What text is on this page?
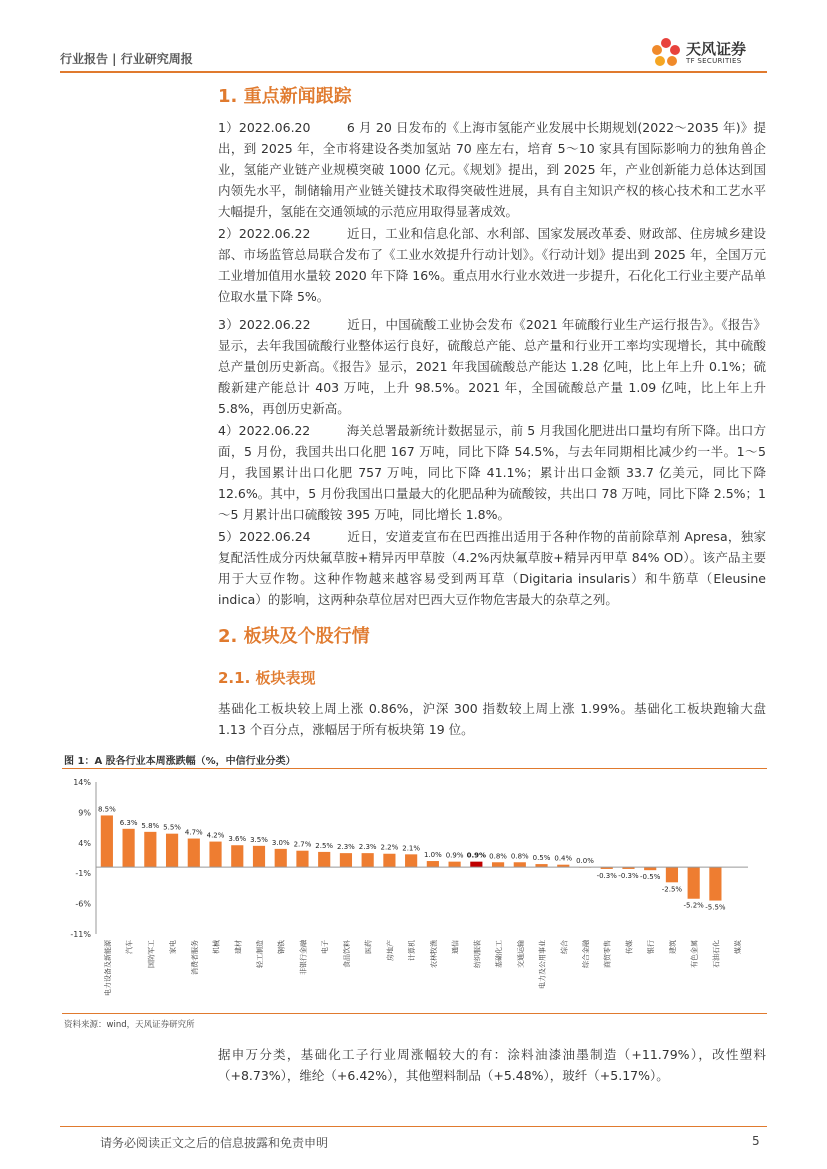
行业报告 | 行业研究周报
天风证券
TF SECURITIES
1. 重点新闻跟踪
1）2022.06.20	6 月 20 日发布的《上海市氢能产业发展中长期规划(2022～2035 年)》提出，到 2025 年，全市将建设各类加氢站 70 座左右，培育 5～10 家具有国际影响力的独角兽企业，氢能产业链产业规模突破 1000 亿元。《规划》提出，到 2025 年，产业创新能力总体达到国内领先水平，制储输用产业链关键技术取得突破性进展，具有自主知识产权的核心技术和工艺水平大幅提升，氢能在交通领域的示范应用取得显著成效。
2）2022.06.22	近日，工业和信息化部、水利部、国家发展改革委、财政部、住房城乡建设部、市场监管总局联合发布了《工业水效提升行动计划》。《行动计划》提出到 2025 年，全国万元工业增加值用水量较 2020 年下降 16%。重点用水行业水效进一步提升，石化化工行业主要产品单位取水量下降 5%。
3）2022.06.22	近日，中国硫酸工业协会发布《2021 年硫酸行业生产运行报告》。《报告》显示，去年我国硫酸行业整体运行良好，硫酸总产能、总产量和行业开工率均实现增长，其中硫酸总产量创历史新高。《报告》显示，2021 年我国硫酸总产能达 1.28 亿吨，比上年上升 0.1%；硫酸新建产能总计 403 万吨，上升 98.5%。2021 年，全国硫酸总产量 1.09 亿吨，比上年上升 5.8%，再创历史新高。
4）2022.06.22	海关总署最新统计数据显示，前 5 月我国化肥进出口量均有所下降。出口方面，5 月份，我国共出口化肥 167 万吨，同比下降 54.5%，与去年同期相比减少约一半。1～5 月，我国累计出口化肥 757 万吨，同比下降 41.1%；累计出口金额 33.7 亿美元，同比下降 12.6%。其中，5 月份我国出口量最大的化肥品种为硫酸铵，共出口 78 万吨，同比下降 2.5%；1～5 月累计出口硫酸铵 395 万吨，同比增长 1.8%。
5）2022.06.24	近日，安道麦宣布在巴西推出适用于各种作物的苗前除草剂 Apresa，独家复配活性成分丙炔氟草胺+精异丙甲草胺（4.2%丙炔氟草胺+精异丙甲草 84% OD）。该产品主要用于大豆作物。这种作物越来越容易受到两耳草（Digitaria insularis）和牛筋草（Eleusine indica）的影响，这两种杂草位居对巴西大豆作物危害最大的杂草之列。
2. 板块及个股行情
2.1. 板块表现
基础化工板块较上周上涨 0.86%，沪深 300 指数较上周上涨 1.99%。基础化工板块跑输大盘 1.13 个百分点，涨幅居于所有板块第 19 位。
图 1：A 股各行业本周涨跌幅（%，中信行业分类）
14%
9%
4%
-1%
-6%
-11%
8.5%
电力设备及新能源
6.3%
汽车
5.8%
国防军工
5.5%
家电
4.7%
消费者服务
4.2%
机械
3.6%
建材
3.5%
轻工制造
3.0%
钢铁
2.7%
非银行金融
2.5%
电子
2.3%
食品饮料
2.3%
医药
2.2%
房地产
2.1%
计算机
1.0%
农林牧渔
0.9%
通信
0.9%
纺织服装
0.8%
基础化工
0.8%
交通运输
0.5%
电力及公用事业
0.4%
综合
0.0%
综合金融
-0.3%
商贸零售
-0.3%
传媒
-0.5%
银行
-2.5%
建筑
-5.2%
有色金属
-5.5%
石油石化 煤炭
资料来源：wind，天风证券研究所
据申万分类，基础化工子行业周涨幅较大的有：涂料油漆油墨制造（+11.79%），改性塑料（+8.73%），维纶（+6.42%），其他塑料制品（+5.48%），玻纤（+5.17%）。
请务必阅读正文之后的信息披露和免责申明	5
